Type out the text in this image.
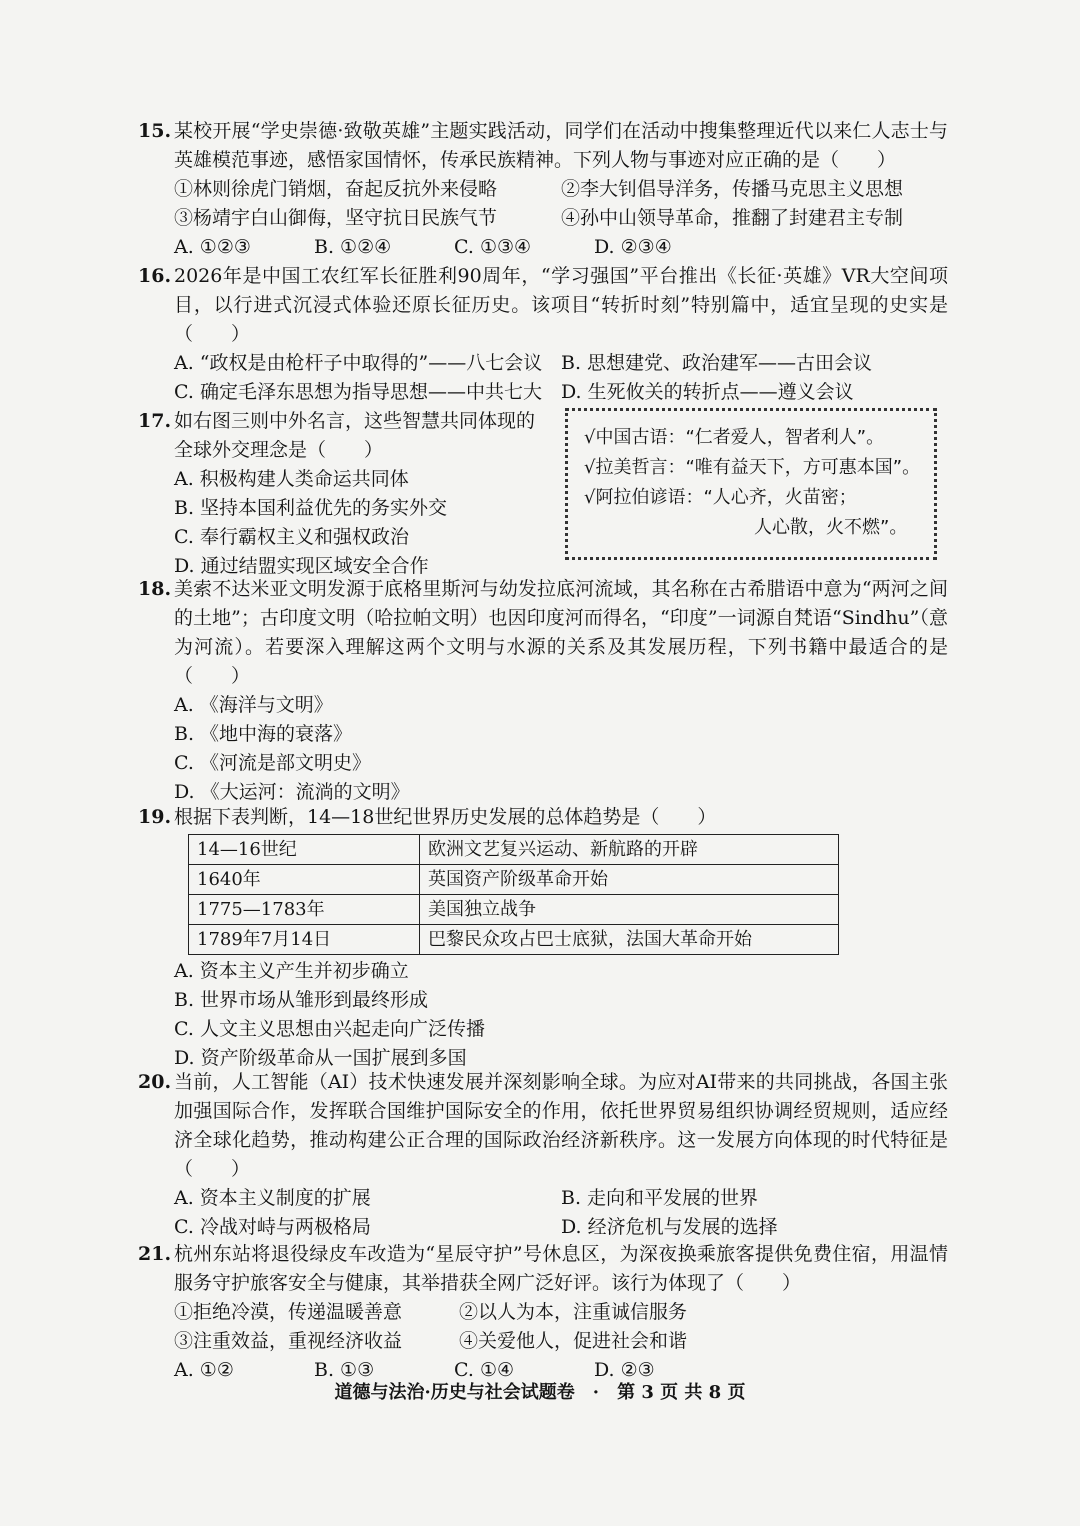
15. 某校开展“学史崇德·致敬英雄”主题实践活动，同学们在活动中搜集整理近代以来仁人志士与英雄模范事迹，感悟家国情怀，传承民族精神。下列人物与事迹对应正确的是（　　）
①林则徐虎门销烟，奋起反抗外来侵略	②李大钊倡导洋务，传播马克思主义思想
③杨靖宇白山御侮，坚守抗日民族气节	④孙中山领导革命，推翻了封建君主专制
A. ①②③	B. ①②④	C. ①③④	D. ②③④
16. 2026年是中国工农红军长征胜利90周年，“学习强国”平台推出《长征·英雄》VR大空间项目，以行进式沉浸式体验还原长征历史。该项目“转折时刻”特别篇中，适宜呈现的史实是（　　）
A. “政权是由枪杆子中取得的”——八七会议 B. 思想建党、政治建军——古田会议
C. 确定毛泽东思想为指导思想——中共七大	D. 生死攸关的转折点——遵义会议
17. 如右图三则中外名言，这些智慧共同体现的
全球外交理念是（　　）
A. 积极构建人类命运共同体
B. 坚持本国利益优先的务实外交
C. 奉行霸权主义和强权政治
D. 通过结盟实现区域安全合作
√中国古语：“仁者爱人，智者利人”。
√拉美哲言：“唯有益天下，方可惠本国”。
√阿拉伯谚语：“人心齐，火苗密；
人心散，火不燃”。
18. 美索不达米亚文明发源于底格里斯河与幼发拉底河流域，其名称在古希腊语中意为“两河之间的土地”；古印度文明（哈拉帕文明）也因印度河而得名，“印度”一词源自梵语“Sindhu”（意为河流）。若要深入理解这两个文明与水源的关系及其发展历程，下列书籍中最适合的是（　　）
A. 《海洋与文明》
B. 《地中海的衰落》
C. 《河流是部文明史》
D. 《大运河：流淌的文明》
19. 根据下表判断，14—18世纪世界历史发展的总体趋势是（　　）
14—16世纪	欧洲文艺复兴运动、新航路的开辟
1640年	英国资产阶级革命开始
1775—1783年	美国独立战争
1789年7月14日	巴黎民众攻占巴士底狱，法国大革命开始
A. 资本主义产生并初步确立
B. 世界市场从雏形到最终形成
C. 人文主义思想由兴起走向广泛传播
D. 资产阶级革命从一国扩展到多国
20. 当前，人工智能（AI）技术快速发展并深刻影响全球。为应对AI带来的共同挑战，各国主张加强国际合作，发挥联合国维护国际安全的作用，依托世界贸易组织协调经贸规则，适应经济全球化趋势，推动构建公正合理的国际政治经济新秩序。这一发展方向体现的时代特征是（　　）
A. 资本主义制度的扩展	B. 走向和平发展的世界
C. 冷战对峙与两极格局	D. 经济危机与发展的选择
21. 杭州东站将退役绿皮车改造为“星辰守护”号休息区，为深夜换乘旅客提供免费住宿，用温情服务守护旅客安全与健康，其举措获全网广泛好评。该行为体现了（　　）
①拒绝冷漠，传递温暖善意	②以人为本，注重诚信服务
③注重效益，重视经济收益	④关爱他人，促进社会和谐
A. ①②	B. ①③	C. ①④	D. ②③
道德与法治·历史与社会试题卷　·　第 3 页 共 8 页
